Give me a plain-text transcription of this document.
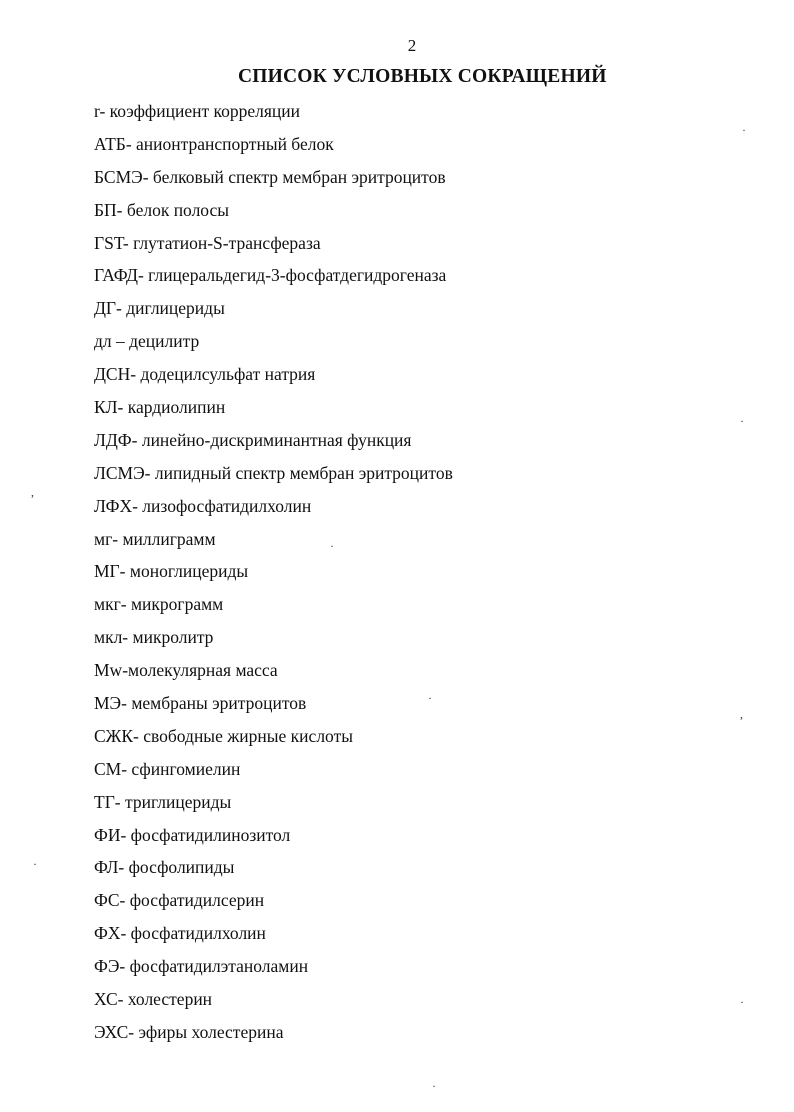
2
СПИСОК УСЛОВНЫХ СОКРАЩЕНИЙ
r- коэффициент корреляции
АТБ- анионтранспортный белок
БСМЭ- белковый спектр мембран эритроцитов
БП- белок полосы
ГST- глутатион-S-трансфераза
ГАФД- глицеральдегид-3-фосфатдегидрогеназа
ДГ- диглицериды
дл – децилитр
ДСН- додецилсульфат натрия
КЛ- кардиолипин
ЛДФ- линейно-дискриминантная функция
ЛСМЭ- липидный спектр мембран эритроцитов
ЛФХ- лизофосфатидилхолин
мг- миллиграмм
МГ- моноглицериды
мкг- микрограмм
мкл- микролитр
Mw-молекулярная масса
МЭ- мембраны эритроцитов
СЖК- свободные жирные кислоты
СМ- сфингомиелин
ТГ- триглицериды
ФИ- фосфатидилинозитол
ФЛ- фосфолипиды
ФС- фосфатидилсерин
ФХ- фосфатидилхолин
ФЭ- фосфатидилэтаноламин
ХС- холестерин
ЭХС- эфиры холестерина
·
·
,
·
·
,
·
·
·
